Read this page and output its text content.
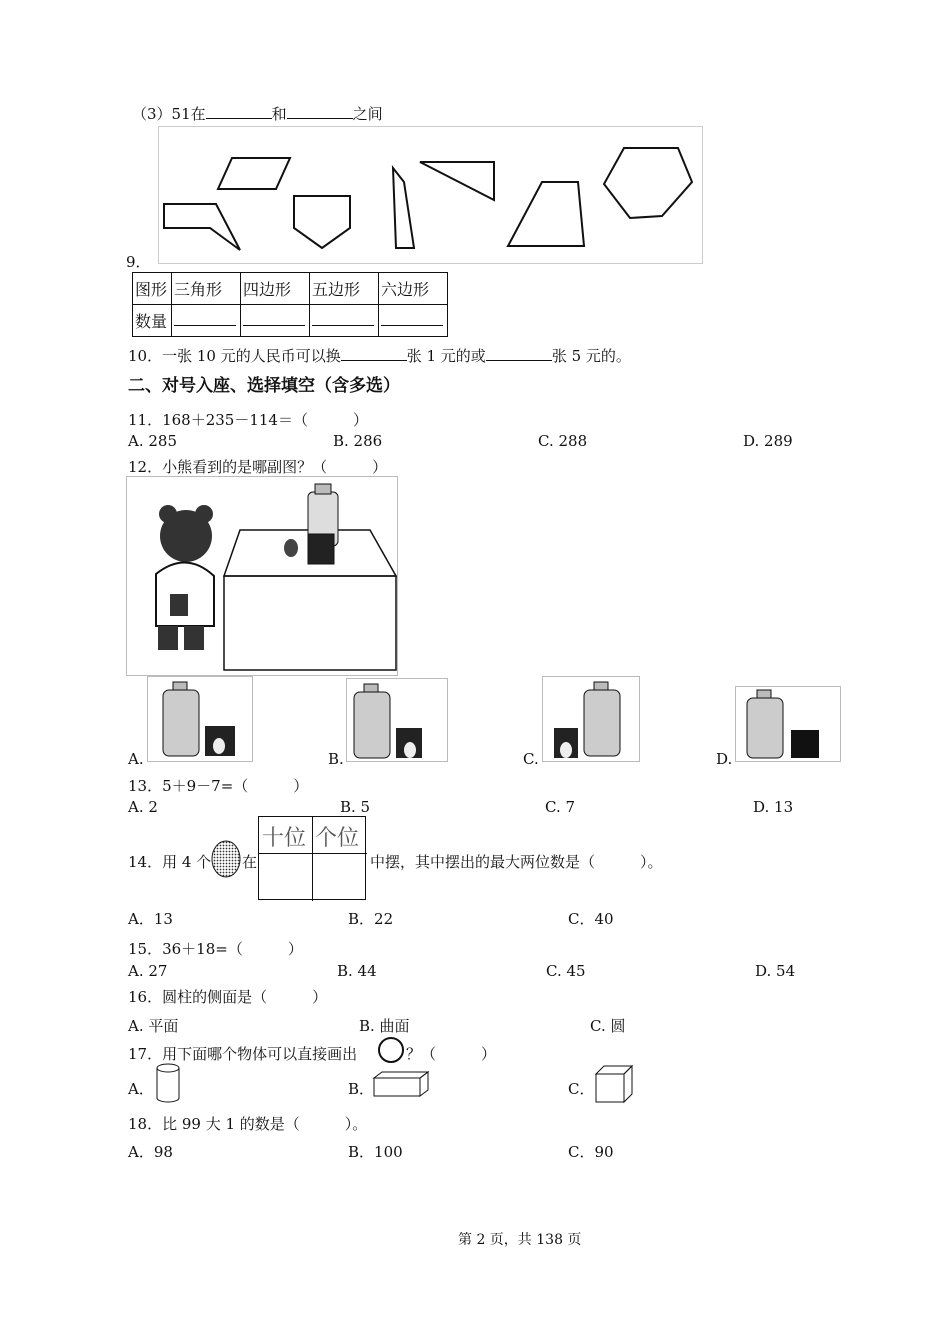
（3）51在	和	之间
9．
图形	三角形	四边形	五边形	六边形
数量				
10．一张 10 元的人民币可以换	张 1 元的或	张 5 元的。
二、对号入座、选择填空（含多选）
11．168＋235－114＝（　　　）
A. 285	B. 286	C. 288	D. 289
12．小熊看到的是哪副图？（　　　）
A.	B.	C.	D.
13．5＋9－7=（　　　）
A. 2	B. 5	C. 7	D. 13
14．用 4 个 在
十位 个位
中摆，其中摆出的最大两位数是（　　　）。
A．13	B．22	C．40
15．36＋18=（　　　）
A. 27	B. 44	C. 45	D. 54
16．圆柱的侧面是（　　　）
A. 平面	B. 曲面	C. 圆
17．用下面哪个物体可以直接画出	？（　　　）
A．	B．	C．
18．比 99 大 1 的数是（　　　）。
A．98	B．100	C．90
第 2 页，共 138 页
